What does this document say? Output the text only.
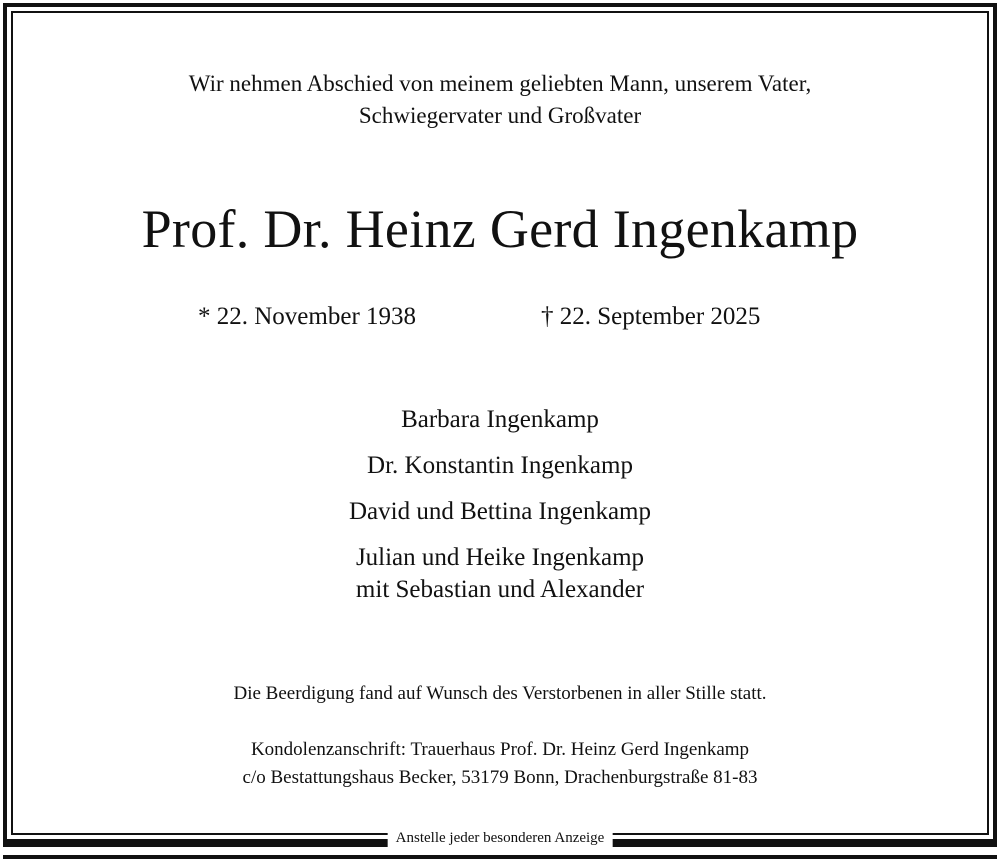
Anstelle jeder besonderen Anzeige
Wir nehmen Abschied von meinem geliebten Mann, unserem Vater,
Schwiegervater und Großvater
Prof. Dr. Heinz Gerd Ingenkamp
* 22. November 1938	† 22. September 2025
Barbara Ingenkamp
Dr. Konstantin Ingenkamp
David und Bettina Ingenkamp
Julian und Heike Ingenkamp
mit Sebastian und Alexander
Die Beerdigung fand auf Wunsch des Verstorbenen in aller Stille statt.
Kondolenzanschrift: Trauerhaus Prof. Dr. Heinz Gerd Ingenkamp
c/o Bestattungshaus Becker, 53179 Bonn, Drachenburgstraße 81-83
